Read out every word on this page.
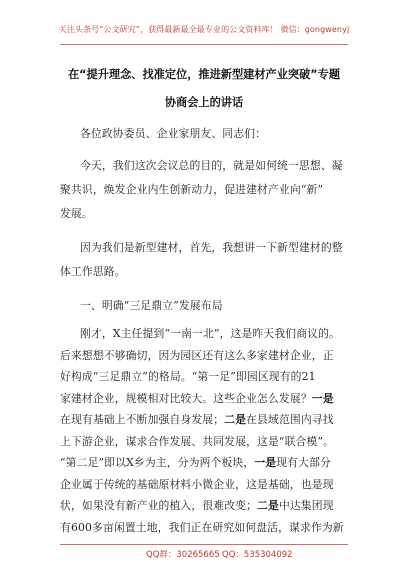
关注头条号“公文研究”，获得最新最全最专业的公文资料库！ 微信：gongwenyj
在“提升理念、找准定位，推进新型建材产业突破”专题
协商会上的讲话
各位政协委员、企业家朋友、同志们：
今天，我们这次会议总的目的，就是如何统一思想、凝
聚共识，焕发企业内生创新动力，促进建材产业向“新”
发展。
因为我们是新型建材，首先，我想讲一下新型建材的整
体工作思路。
一、明确“三足鼎立”发展布局
刚才，X主任提到“一南一北”，这是昨天我们商议的。
后来想想不够确切，因为园区还有这么多家建材企业，正
好构成“三足鼎立”的格局。“第一足”即园区现有的21
家建材企业，规模相对比较大。这些企业怎么发展？一是
在现有基础上不断加强自身发展；二是在县域范围内寻找
上下游企业，谋求合作发展、共同发展，这是“联合模”。
“第二足”即以X乡为主，分为两个板块，一是现有大部分
企业属于传统的基础原材料小微企业，这是基础，也是现
状，如果没有新产业的植入，很难改变；二是中达集团现
有600多亩闲置土地，我们正在研究如何盘活，谋求作为新
QQ群：30265665 QQ：535304092
